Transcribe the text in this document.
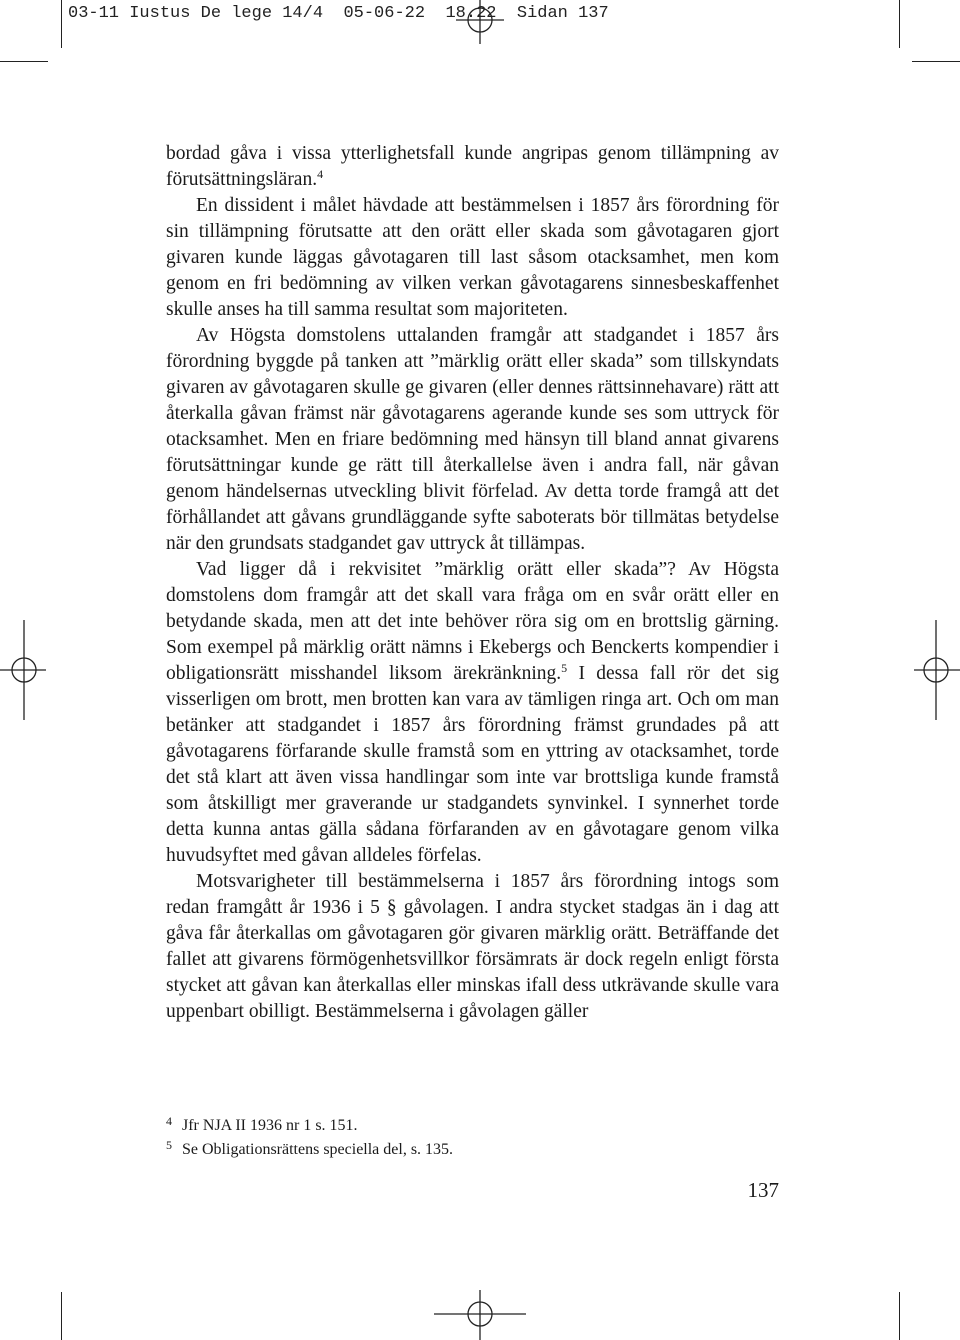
03-11 Iustus De lege 14/4  05-06-22  18.22  Sidan 137

bordad gåva i vissa ytterlighetsfall kunde angripas genom tillämpning av förutsättningsläran.$^4$

En dissident i målet hävdade att bestämmelsen i 1857 års förordning för sin tillämpning förutsatte att den orätt eller skada som gåvotagaren gjort givaren kunde läggas gåvotagaren till last såsom otacksamhet, men kom genom en fri bedömning av vilken verkan gåvotagarens sinnesbeskaffenhet skulle anses ha till samma resultat som majoriteten.

Av Högsta domstolens uttalanden framgår att stadgandet i 1857 års förordning byggde på tanken att ”märklig orätt eller skada” som tillskyndats givaren av gåvotagaren skulle ge givaren (eller dennes rättsinnehavare) rätt att återkalla gåvan främst när gåvotagarens agerande kunde ses som uttryck för otacksamhet. Men en friare bedömning med hänsyn till bland annat givarens förutsättningar kunde ge rätt till återkallelse även i andra fall, när gåvan genom händelsernas utveckling blivit förfelad. Av detta torde framgå att det förhållandet att gåvans grundläggande syfte saboterats bör tillmätas betydelse när den grundsats stadgandet gav uttryck åt tillämpas.

Vad ligger då i rekvisitet ”märklig orätt eller skada”? Av Högsta domstolens dom framgår att det skall vara fråga om en svår orätt eller en betydande skada, men att det inte behöver röra sig om en brottslig gärning. Som exempel på märklig orätt nämns i Ekebergs och Benckerts kompendier i obligationsrätt misshandel liksom ärekränkning.$^5$ I dessa fall rör det sig visserligen om brott, men brotten kan vara av tämligen ringa art. Och om man betänker att stadgandet i 1857 års förordning främst grundades på att gåvotagarens förfarande skulle framstå som en yttring av otacksamhet, torde det stå klart att även vissa handlingar som inte var brottsliga kunde framstå som åtskilligt mer graverande ur stadgandets synvinkel. I synnerhet torde detta kunna antas gälla sådana förfaranden av en gåvotagare genom vilka huvudsyftet med gåvan alldeles förfelas.

Motsvarigheter till bestämmelserna i 1857 års förordning intogs som redan framgått år 1936 i 5 § gåvolagen. I andra stycket stadgas än i dag att gåva får återkallas om gåvotagaren gör givaren märklig orätt. Beträffande det fallet att givarens förmögenhetsvillkor försämrats är dock regeln enligt första stycket att gåvan kan återkallas eller minskas ifall dess utkrävande skulle vara uppenbart obilligt. Bestämmelserna i gåvolagen gäller

4 Jfr NJA II 1936 nr 1 s. 151.
5 Se Obligationsrättens speciella del, s. 135.
137
